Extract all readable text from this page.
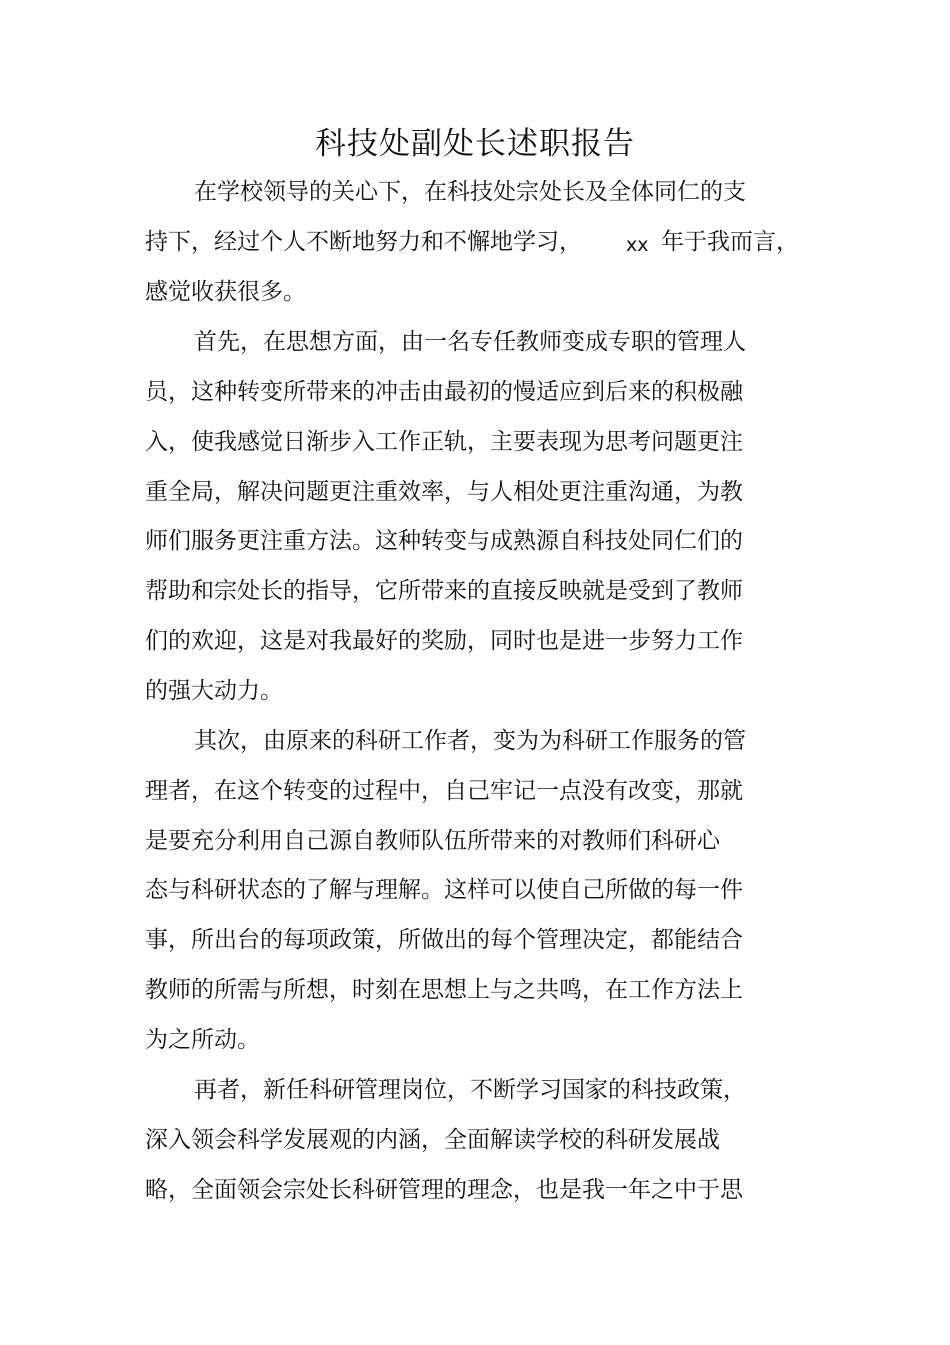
科技处副处长述职报告
在学校领导的关心下，在科技处宗处长及全体同仁的支
持下，经过个人不断地努力和不懈地学习， xx 年于我而言，
感觉收获很多。
首先，在思想方面，由一名专任教师变成专职的管理人
员，这种转变所带来的冲击由最初的慢适应到后来的积极融
入，使我感觉日渐步入工作正轨，主要表现为思考问题更注
重全局，解决问题更注重效率，与人相处更注重沟通，为教
师们服务更注重方法。这种转变与成熟源自科技处同仁们的
帮助和宗处长的指导，它所带来的直接反映就是受到了教师
们的欢迎，这是对我最好的奖励，同时也是进一步努力工作
的强大动力。
其次，由原来的科研工作者，变为为科研工作服务的管
理者，在这个转变的过程中，自己牢记一点没有改变，那就
是要充分利用自己源自教师队伍所带来的对教师们科研心
态与科研状态的了解与理解。这样可以使自己所做的每一件
事，所出台的每项政策，所做出的每个管理决定，都能结合
教师的所需与所想，时刻在思想上与之共鸣，在工作方法上
为之所动。
再者，新任科研管理岗位，不断学习国家的科技政策，
深入领会科学发展观的内涵，全面解读学校的科研发展战
略，全面领会宗处长科研管理的理念，也是我一年之中于思
